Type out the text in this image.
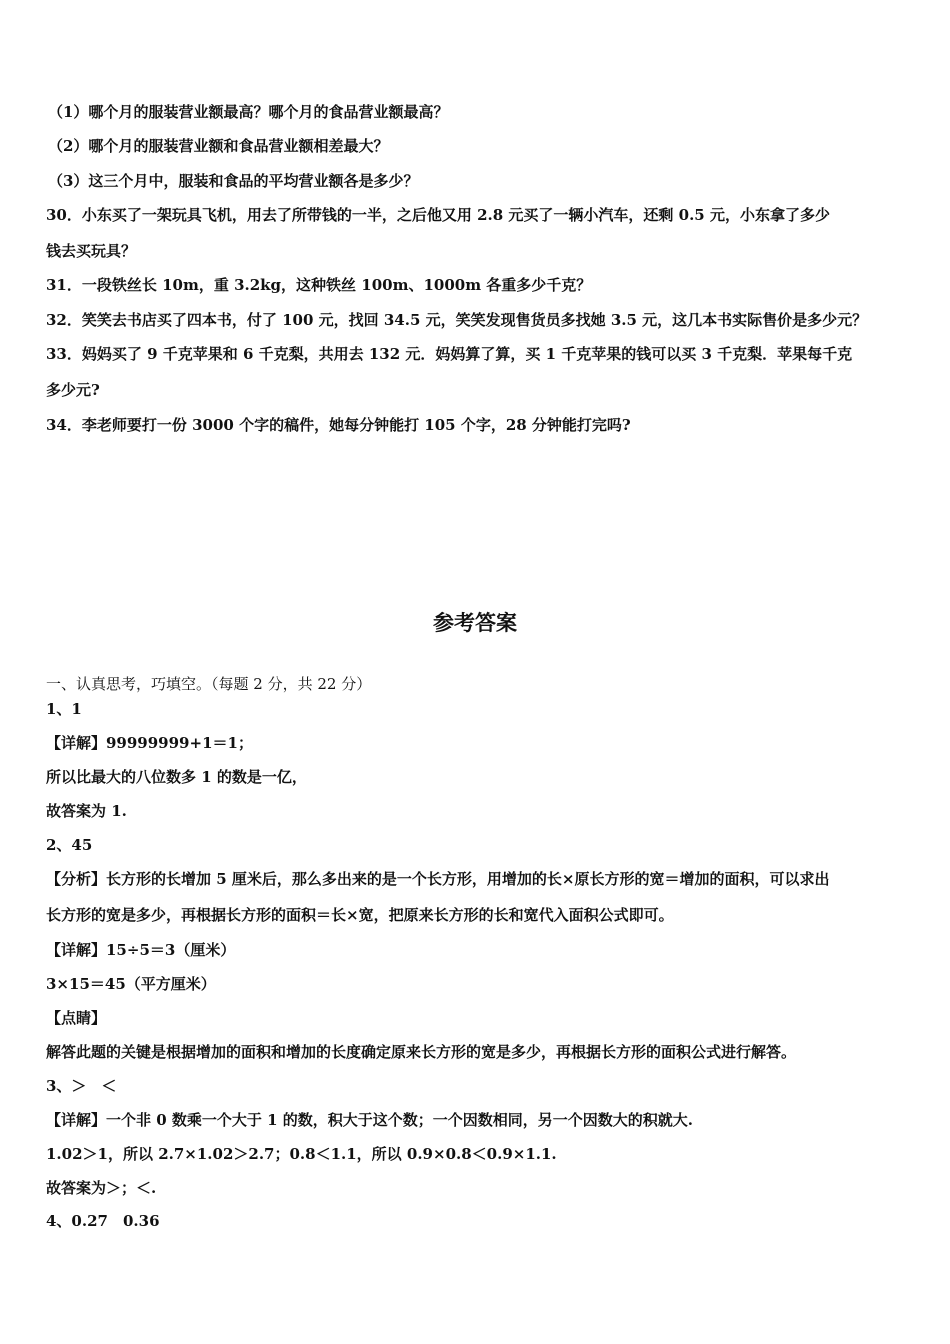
（1）哪个月的服装营业额最高？哪个月的食品营业额最高？
（2）哪个月的服装营业额和食品营业额相差最大？
（3）这三个月中，服装和食品的平均营业额各是多少？
30．小东买了一架玩具飞机，用去了所带钱的一半，之后他又用 2.8 元买了一辆小汽车，还剩 0.5 元，小东拿了多少
钱去买玩具？
31．一段铁丝长 10m，重 3.2kg，这种铁丝 100m、1000m 各重多少千克？
32．笑笑去书店买了四本书，付了 100 元，找回 34.5 元，笑笑发现售货员多找她 3.5 元，这几本书实际售价是多少元？
33．妈妈买了 9 千克苹果和 6 千克梨，共用去 132 元．妈妈算了算，买 1 千克苹果的钱可以买 3 千克梨．苹果每千克
多少元?
34．李老师要打一份 3000 个字的稿件，她每分钟能打 105 个字，28 分钟能打完吗?
参考答案
一、认真思考，巧填空。（每题 2 分，共 22 分）
1、1
【详解】99999999+1＝1；
所以比最大的八位数多 1 的数是一亿，
故答案为 1.
2、45
【分析】长方形的长增加 5 厘米后，那么多出来的是一个长方形，用增加的长×原长方形的宽＝增加的面积，可以求出
长方形的宽是多少，再根据长方形的面积＝长×宽，把原来长方形的长和宽代入面积公式即可。
【详解】15÷5＝3（厘米）
3×15＝45（平方厘米）
【点睛】
解答此题的关键是根据增加的面积和增加的长度确定原来长方形的宽是多少，再根据长方形的面积公式进行解答。
3、＞　＜
【详解】一个非 0 数乘一个大于 1 的数，积大于这个数；一个因数相同，另一个因数大的积就大.
1.02＞1，所以 2.7×1.02＞2.7；0.8＜1.1，所以 0.9×0.8＜0.9×1.1.
故答案为＞；＜.
4、0.27　0.36
